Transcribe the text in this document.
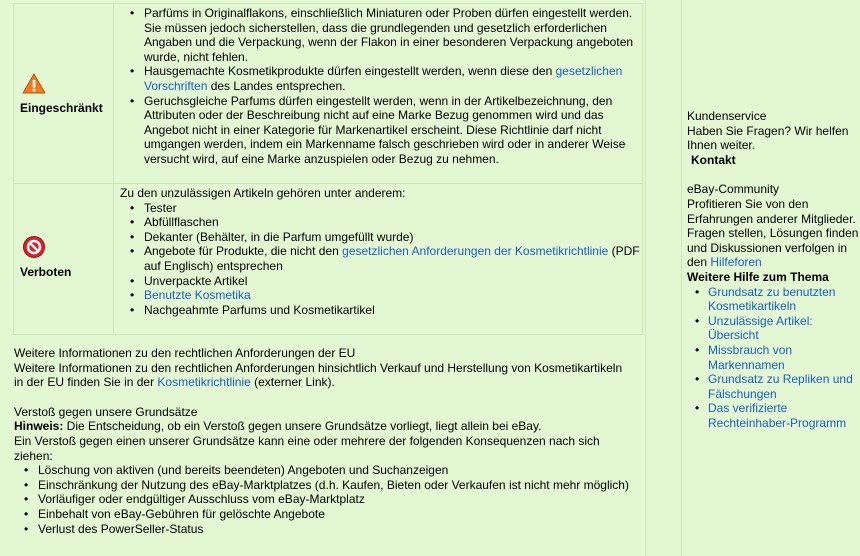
Eingeschränkt
• Parfüms in Originalflakons, einschließlich Miniaturen oder Proben dürfen eingestellt werden. Sie müssen jedoch sicherstellen, dass die grundlegenden und gesetzlich erforderlichen Angaben und die Verpackung, wenn der Flakon in einer besonderen Verpackung angeboten wurde, nicht fehlen.
• Hausgemachte Kosmetikprodukte dürfen eingestellt werden, wenn diese den gesetzlichen Vorschriften des Landes entsprechen.
• Geruchsgleiche Parfums dürfen eingestellt werden, wenn in der Artikelbezeichnung, den Attributen oder der Beschreibung nicht auf eine Marke Bezug genommen wird und das Angebot nicht in einer Kategorie für Markenartikel erscheint. Diese Richtlinie darf nicht umgangen werden, indem ein Markenname falsch geschrieben wird oder in anderer Weise versucht wird, auf eine Marke anzuspielen oder Bezug zu nehmen.
Verboten
Zu den unzulässigen Artikeln gehören unter anderem:
• Tester
• Abfüllflaschen
• Dekanter (Behälter, in die Parfum umgefüllt wurde)
• Angebote für Produkte, die nicht den gesetzlichen Anforderungen der Kosmetikrichtlinie (PDF auf Englisch) entsprechen
• Unverpackte Artikel
• Benutzte Kosmetika
• Nachgeahmte Parfums und Kosmetikartikel
Weitere Informationen zu den rechtlichen Anforderungen der EU
Weitere Informationen zu den rechtlichen Anforderungen hinsichtlich Verkauf und Herstellung von Kosmetikartikeln in der EU finden Sie in der Kosmetikrichtlinie (externer Link).
Verstoß gegen unsere Grundsätze
Hinweis: Die Entscheidung, ob ein Verstoß gegen unsere Grundsätze vorliegt, liegt allein bei eBay.
Ein Verstoß gegen einen unserer Grundsätze kann eine oder mehrere der folgenden Konsequenzen nach sich ziehen:
• Löschung von aktiven (und bereits beendeten) Angeboten und Suchanzeigen
• Einschränkung der Nutzung des eBay-Marktplatzes (d.h. Kaufen, Bieten oder Verkaufen ist nicht mehr möglich)
• Vorläufiger oder endgültiger Ausschluss vom eBay-Marktplatz
• Einbehalt von eBay-Gebühren für gelöschte Angebote
• Verlust des PowerSeller-Status
Kundenservice
Haben Sie Fragen? Wir helfen Ihnen weiter.
Kontakt
eBay-Community
Profitieren Sie von den Erfahrungen anderer Mitglieder.
Fragen stellen, Lösungen finden und Diskussionen verfolgen in den Hilfeforen
Weitere Hilfe zum Thema
• Grundsatz zu benutzten Kosmetikartikeln
• Unzulässige Artikel: Übersicht
• Missbrauch von Markennamen
• Grundsatz zu Repliken und Fälschungen
• Das verifizierte Rechteinhaber-Programm
